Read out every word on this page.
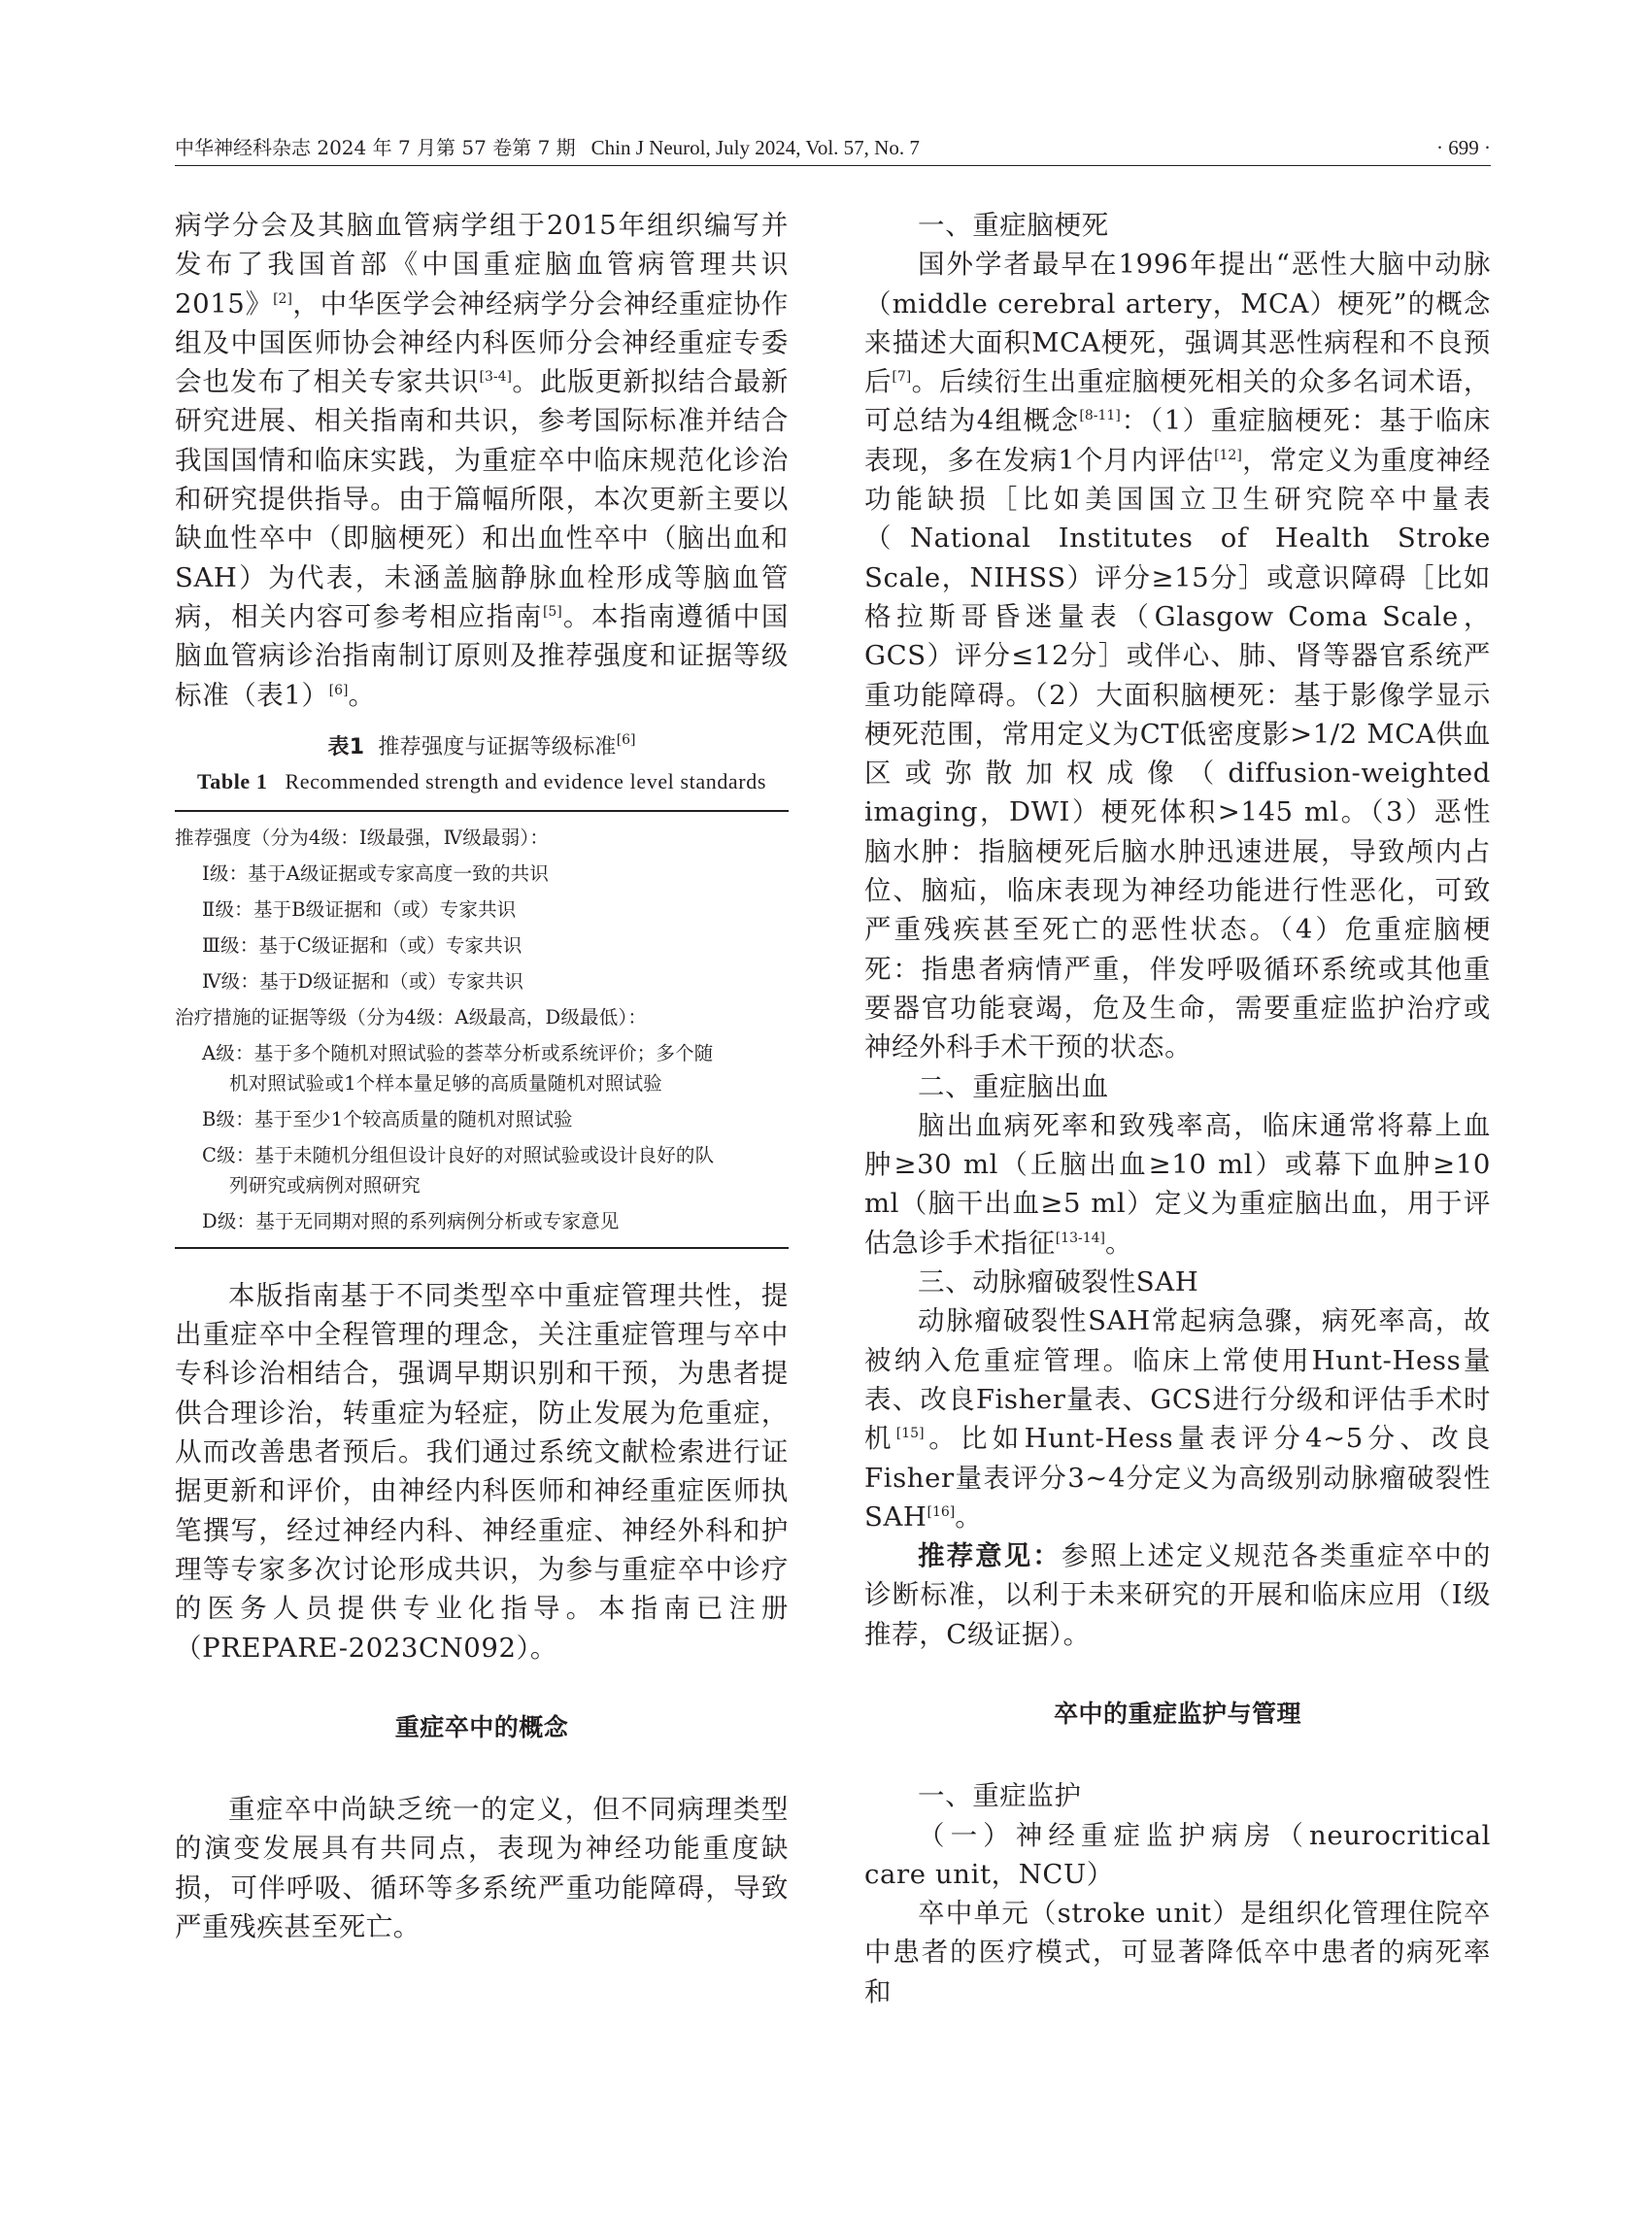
中华神经科杂志 2024 年 7 月第 57 卷第 7 期 Chin J Neurol, July 2024, Vol. 57, No. 7	· 699 ·

病学分会及其脑血管病学组于2015年组织编写并发布了我国首部《中国重症脑血管病管理共识2015》[2]，中华医学会神经病学分会神经重症协作组及中国医师协会神经内科医师分会神经重症专委会也发布了相关专家共识[3-4]。此版更新拟结合最新研究进展、相关指南和共识，参考国际标准并结合我国国情和临床实践，为重症卒中临床规范化诊治和研究提供指导。由于篇幅所限，本次更新主要以缺血性卒中（即脑梗死）和出血性卒中（脑出血和SAH）为代表，未涵盖脑静脉血栓形成等脑血管病，相关内容可参考相应指南[5]。本指南遵循中国脑血管病诊治指南制订原则及推荐强度和证据等级标准（表1）[6]。

表1 推荐强度与证据等级标准[6]
Table 1 Recommended strength and evidence level standards
推荐强度（分为4级：Ⅰ级最强，Ⅳ级最弱）：
Ⅰ级：基于A级证据或专家高度一致的共识
Ⅱ级：基于B级证据和（或）专家共识
Ⅲ级：基于C级证据和（或）专家共识
Ⅳ级：基于D级证据和（或）专家共识
治疗措施的证据等级（分为4级：A级最高，D级最低）：
A级：基于多个随机对照试验的荟萃分析或系统评价；多个随
机对照试验或1个样本量足够的高质量随机对照试验
B级：基于至少1个较高质量的随机对照试验
C级：基于未随机分组但设计良好的对照试验或设计良好的队
列研究或病例对照研究
D级：基于无同期对照的系列病例分析或专家意见

本版指南基于不同类型卒中重症管理共性，提出重症卒中全程管理的理念，关注重症管理与卒中专科诊治相结合，强调早期识别和干预，为患者提供合理诊治，转重症为轻症，防止发展为危重症，从而改善患者预后。我们通过系统文献检索进行证据更新和评价，由神经内科医师和神经重症医师执笔撰写，经过神经内科、神经重症、神经外科和护理等专家多次讨论形成共识，为参与重症卒中诊疗的医务人员提供专业化指导。本指南已注册（PREPARE-2023CN092）。

重症卒中的概念

重症卒中尚缺乏统一的定义，但不同病理类型的演变发展具有共同点，表现为神经功能重度缺损，可伴呼吸、循环等多系统严重功能障碍，导致严重残疾甚至死亡。

一、重症脑梗死

国外学者最早在1996年提出“恶性大脑中动脉（middle cerebral artery，MCA）梗死”的概念来描述大面积MCA梗死，强调其恶性病程和不良预后[7]。后续衍生出重症脑梗死相关的众多名词术语，可总结为4组概念[8-11]：（1）重症脑梗死：基于临床表现，多在发病1个月内评估[12]，常定义为重度神经功能缺损［比如美国国立卫生研究院卒中量表（National Institutes of Health Stroke Scale，NIHSS）评分≥15分］或意识障碍［比如格拉斯哥昏迷量表（Glasgow Coma Scale，GCS）评分≤12分］或伴心、肺、肾等器官系统严重功能障碍。（2）大面积脑梗死：基于影像学显示梗死范围，常用定义为CT低密度影>1/2 MCA供血区或弥散加权成像（diffusion-weighted imaging，DWI）梗死体积>145 ml。（3）恶性脑水肿：指脑梗死后脑水肿迅速进展，导致颅内占位、脑疝，临床表现为神经功能进行性恶化，可致严重残疾甚至死亡的恶性状态。（4）危重症脑梗死：指患者病情严重，伴发呼吸循环系统或其他重要器官功能衰竭，危及生命，需要重症监护治疗或神经外科手术干预的状态。

二、重症脑出血

脑出血病死率和致残率高，临床通常将幕上血肿≥30 ml（丘脑出血≥10 ml）或幕下血肿≥10 ml（脑干出血≥5 ml）定义为重症脑出血，用于评估急诊手术指征[13-14]。

三、动脉瘤破裂性SAH

动脉瘤破裂性SAH常起病急骤，病死率高，故被纳入危重症管理。临床上常使用Hunt-Hess量表、改良Fisher量表、GCS进行分级和评估手术时机[15]。比如Hunt-Hess量表评分4~5分、改良Fisher量表评分3~4分定义为高级别动脉瘤破裂性SAH[16]。

推荐意见：参照上述定义规范各类重症卒中的诊断标准，以利于未来研究的开展和临床应用（Ⅰ级推荐，C级证据）。

卒中的重症监护与管理

一、重症监护

（一）神经重症监护病房（neurocritical care unit，NCU）

卒中单元（stroke unit）是组织化管理住院卒中患者的医疗模式，可显著降低卒中患者的病死率和
